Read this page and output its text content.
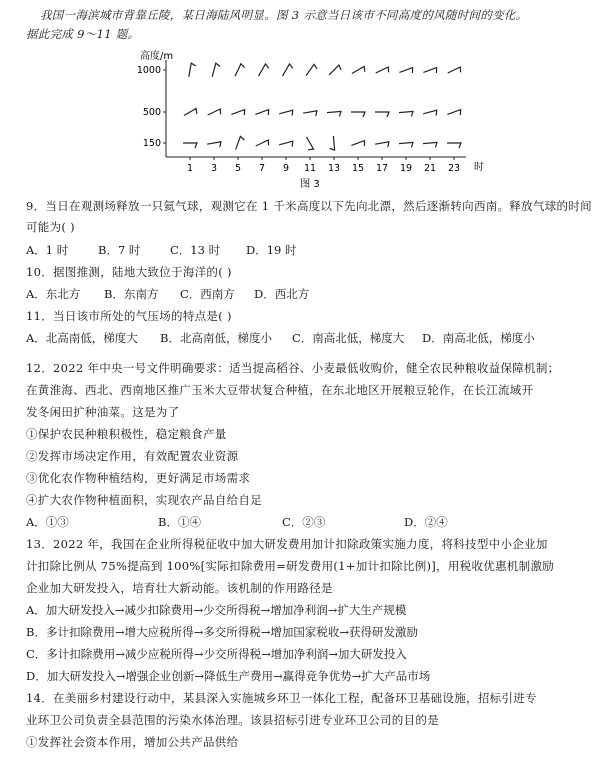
我国一海滨城市背靠丘陵，某日海陆风明显。图 3 示意当日该市不同高度的风随时间的变化。
据此完成 9～11 题。
高度/m
1000
500
150
1 3 5 7 9 11 13 15 17 19 21 23 时
图 3
9．当日在观测场释放一只氦气球，观测它在 1 千米高度以下先向北漂，然后逐渐转向西南。释放气球的时间
可能为( )
A．1 时	B．7 时	C．13 时 D．19 时
10．据图推测，陆地大致位于海洋的( )
A．东北方 B．东南方 C．西南方 D．西北方
11．当日该市所处的气压场的特点是( )
A．北高南低，梯度大 B．北高南低，梯度小 C．南高北低，梯度大 D．南高北低，梯度小
12．2022 年中央一号文件明确要求：适当提高稻谷、小麦最低收购价，健全农民种粮收益保障机制；
在黄淮海、西北、西南地区推广玉米大豆带状复合种植，在东北地区开展粮豆轮作，在长江流域开
发冬闲田扩种油菜。这是为了
①保护农民种粮积极性，稳定粮食产量
②发挥市场决定作用，有效配置农业资源
③优化农作物种植结构，更好满足市场需求
④扩大农作物种植面积，实现农产品自给自足
A．①③	B．①④	C．②③	D．②④
13．2022 年，我国在企业所得税征收中加大研发费用加计扣除政策实施力度，将科技型中小企业加
计扣除比例从 75%提高到 100%[实际扣除费用=研发费用(1+加计扣除比例)]，用税收优惠机制激励
企业加大研发投入，培育壮大新动能。该机制的作用路径是
A．加大研发投入→减少扣除费用→少交所得税→增加净利润→扩大生产规模
B．多计扣除费用→增大应税所得→多交所得税→增加国家税收→获得研发激励
C．多计扣除费用→减少应税所得→少交所得税→增加净利润→加大研发投入
D．加大研发投入→增强企业创新→降低生产费用→赢得竞争优势→扩大产品市场
14．在美丽乡村建设行动中，某县深入实施城乡环卫一体化工程，配备环卫基础设施，招标引进专
业环卫公司负责全县范围的污染水体治理。该县招标引进专业环卫公司的目的是
①发挥社会资本作用，增加公共产品供给
